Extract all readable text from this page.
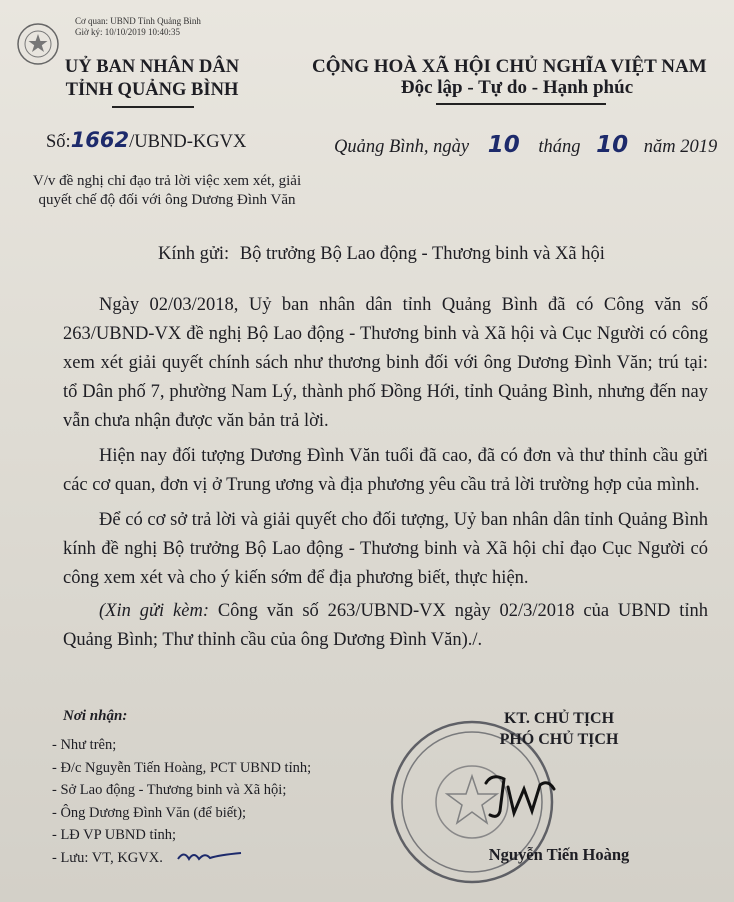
Cơ quan: UBND Tỉnh Quảng Bình
Giờ ký: 10/10/2019 10:40:35
UỶ BAN NHÂN DÂN
TỈNH QUẢNG BÌNH
Số:1662/UBND-KGVX
V/v đề nghị chỉ đạo trả lời việc xem xét, giải
quyết chế độ đối với ông Dương Đình Văn
CỘNG HOÀ XÃ HỘI CHỦ NGHĨA VIỆT NAM
Độc lập - Tự do - Hạnh phúc
Quảng Bình, ngày 10 tháng 10 năm 2019
Kính gửi: Bộ trưởng Bộ Lao động - Thương binh và Xã hội

Ngày 02/03/2018, Uỷ ban nhân dân tỉnh Quảng Bình đã có Công văn số 263/UBND-VX đề nghị Bộ Lao động - Thương binh và Xã hội và Cục Người có công xem xét giải quyết chính sách như thương binh đối với ông Dương Đình Văn; trú tại: tổ Dân phố 7, phường Nam Lý, thành phố Đồng Hới, tỉnh Quảng Bình, nhưng đến nay vẫn chưa nhận được văn bản trả lời.

Hiện nay đối tượng Dương Đình Văn tuổi đã cao, đã có đơn và thư thỉnh cầu gửi các cơ quan, đơn vị ở Trung ương và địa phương yêu cầu trả lời trường hợp của mình.

Để có cơ sở trả lời và giải quyết cho đối tượng, Uỷ ban nhân dân tỉnh Quảng Bình kính đề nghị Bộ trưởng Bộ Lao động - Thương binh và Xã hội chỉ đạo Cục Người có công xem xét và cho ý kiến sớm để địa phương biết, thực hiện.

(Xin gửi kèm: Công văn số 263/UBND-VX ngày 02/3/2018 của UBND tỉnh Quảng Bình; Thư thỉnh cầu của ông Dương Đình Văn)./.

Nơi nhận:
- Như trên;
- Đ/c Nguyễn Tiến Hoàng, PCT UBND tỉnh;
- Sở Lao động - Thương binh và Xã hội;
- Ông Dương Đình Văn (để biết);
- LĐ VP UBND tỉnh;
- Lưu: VT, KGVX.
KT. CHỦ TỊCH
PHÓ CHỦ TỊCH
Nguyễn Tiến Hoàng
